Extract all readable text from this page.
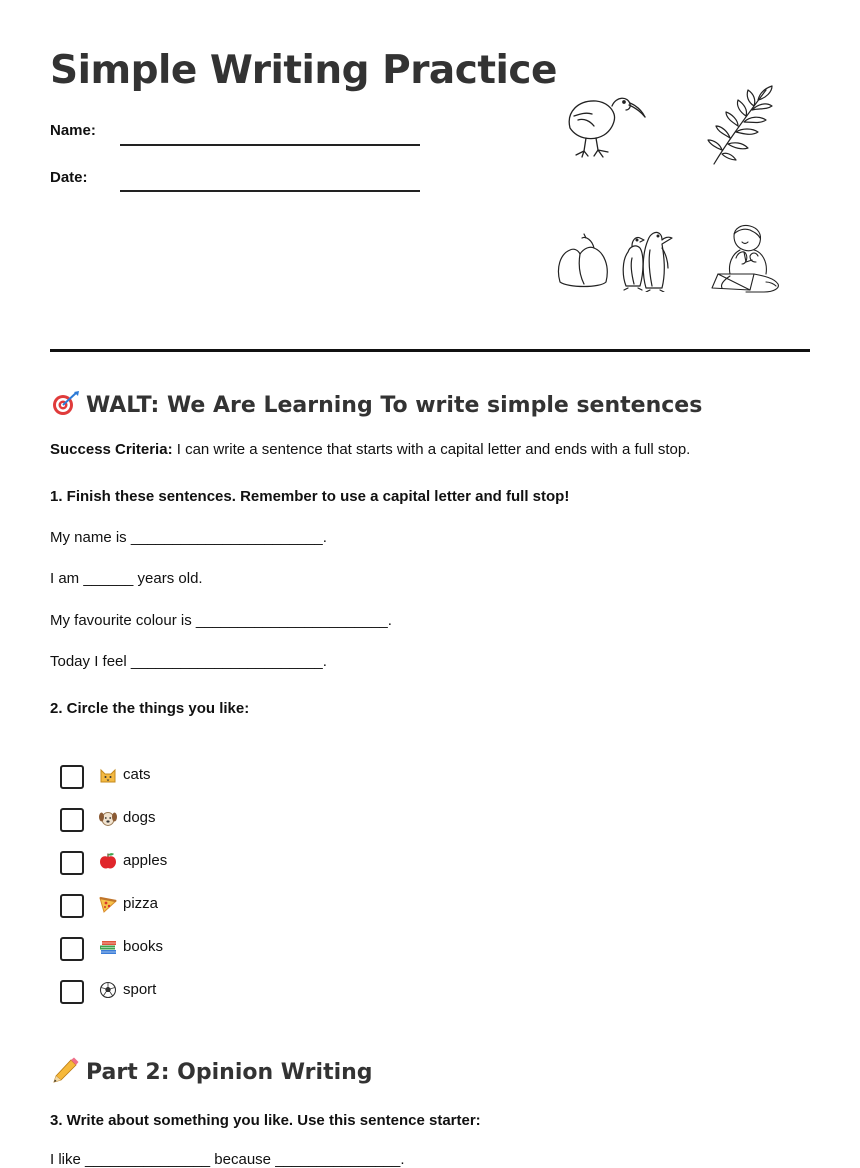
Simple Writing Practice
Name:
Date:
WALT: We Are Learning To write simple sentences
Success Criteria: I can write a sentence that starts with a capital letter and ends with a full stop.
1. Finish these sentences. Remember to use a capital letter and full stop!
My name is _______________________.
I am ______ years old.
My favourite colour is _______________________.
Today I feel _______________________.
2. Circle the things you like:
cats
dogs
apples
pizza
books
sport
Part 2: Opinion Writing
3. Write about something you like. Use this sentence starter:
I like _______________ because _______________.
